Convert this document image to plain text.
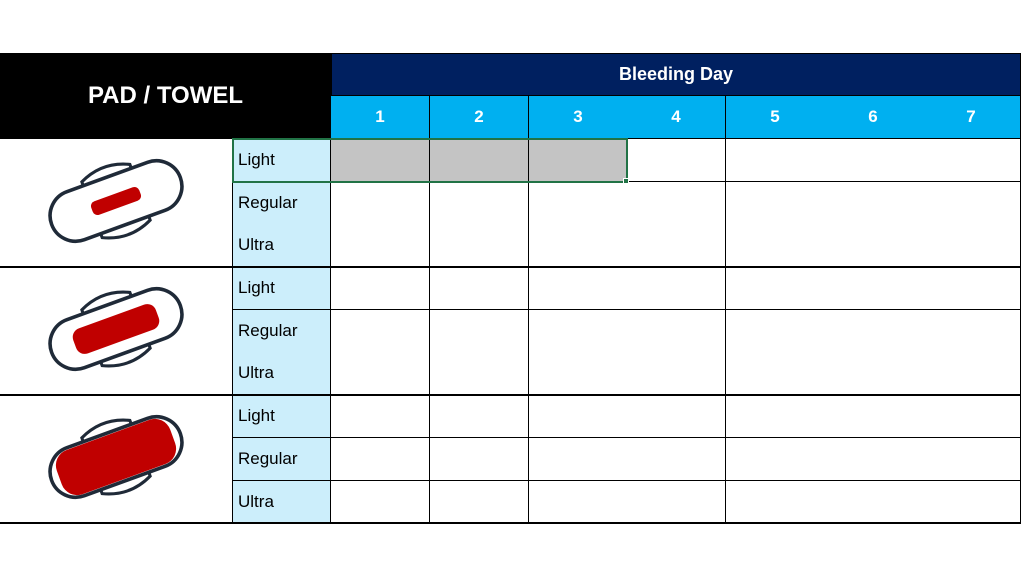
PAD / TOWEL
Bleeding Day
1	2	3	4	5	6	7
Light
Regular
Ultra
Light
Regular
Ultra
Light
Regular
Ultra
